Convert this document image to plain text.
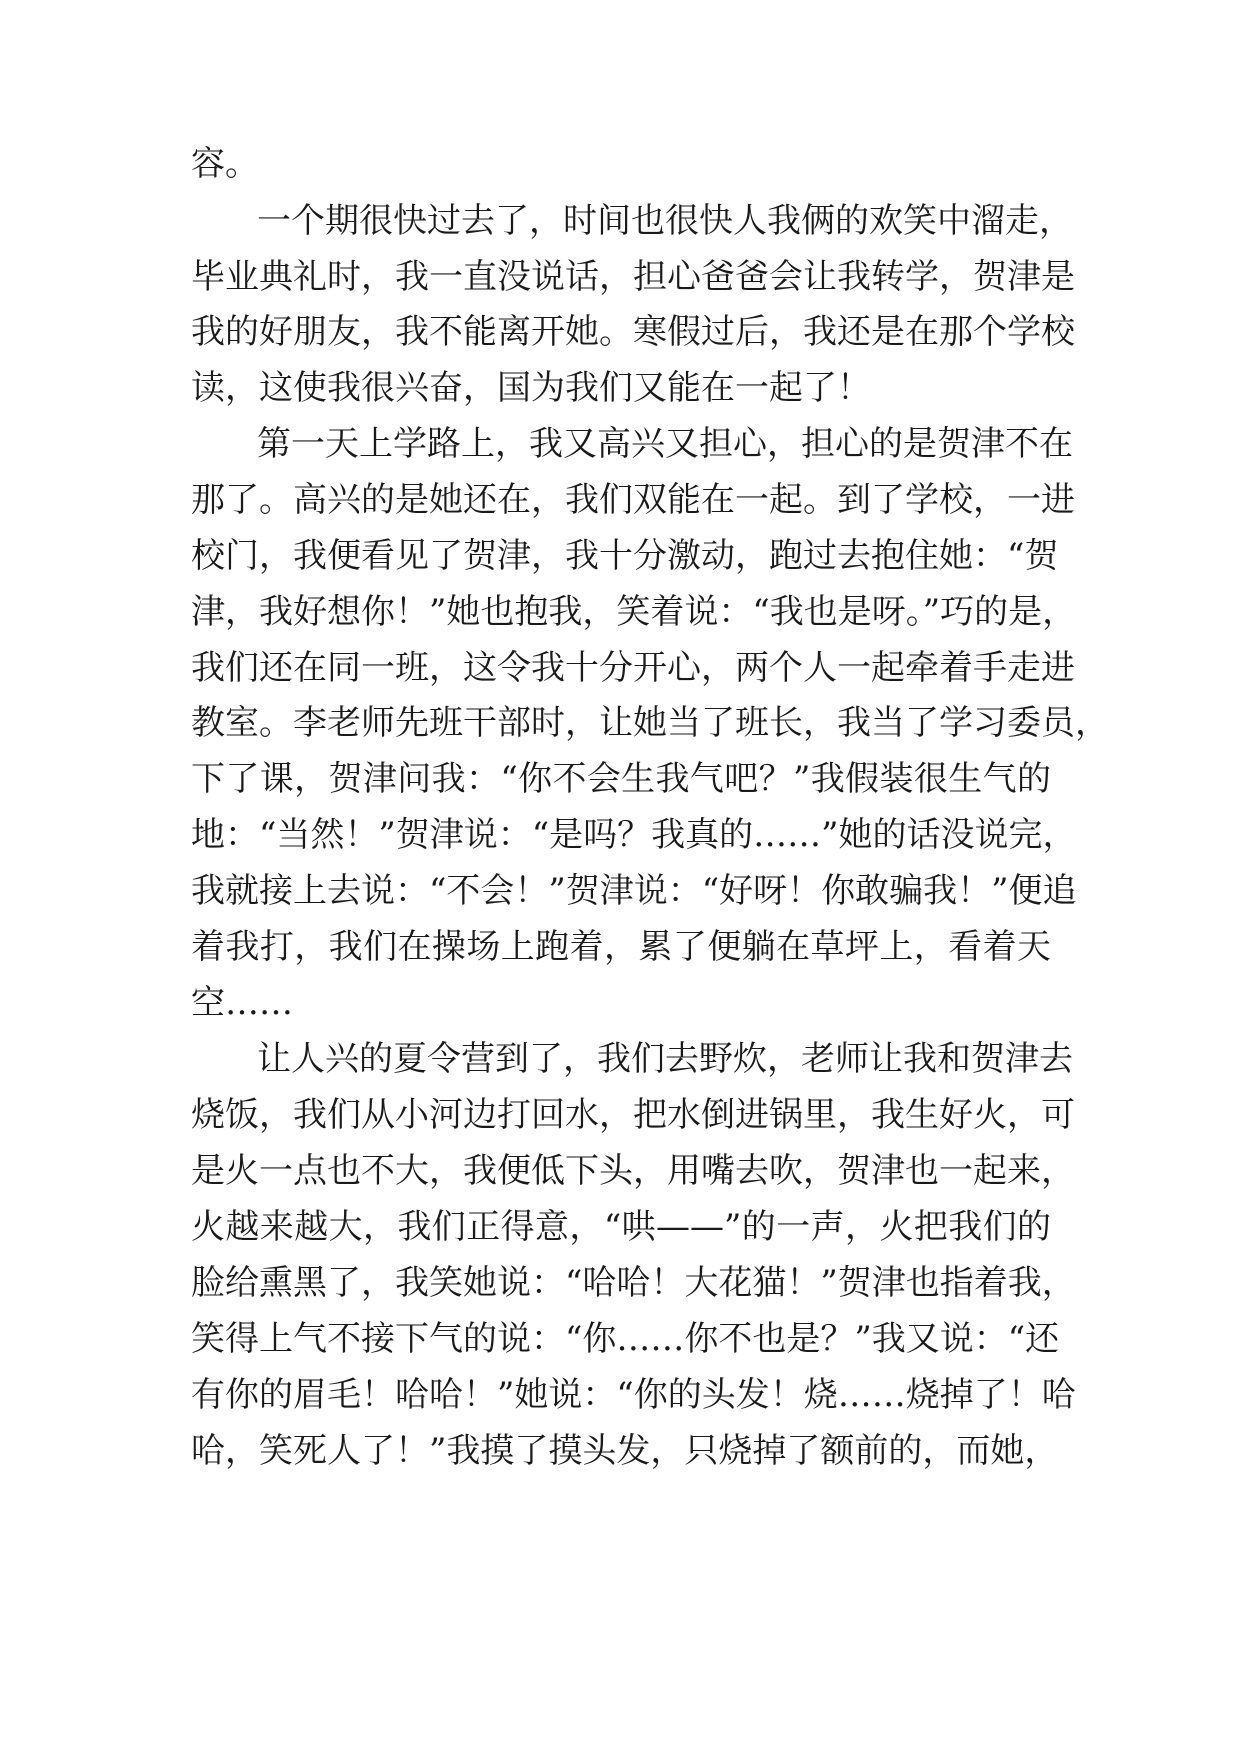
容。
一个期很快过去了，时间也很快人我俩的欢笑中溜走，
毕业典礼时，我一直没说话，担心爸爸会让我转学，贺津是
我的好朋友，我不能离开她。寒假过后，我还是在那个学校
读，这使我很兴奋，国为我们又能在一起了！
第一天上学路上，我又高兴又担心，担心的是贺津不在
那了。高兴的是她还在，我们双能在一起。到了学校，一进
校门，我便看见了贺津，我十分激动，跑过去抱住她：“贺
津，我好想你！”她也抱我，笑着说：“我也是呀。”巧的是，
我们还在同一班，这令我十分开心，两个人一起牵着手走进
教室。李老师先班干部时，让她当了班长，我当了学习委员，
下了课，贺津问我：“你不会生我气吧？”我假装很生气的
地：“当然！”贺津说：“是吗？我真的……”她的话没说完，
我就接上去说：“不会！”贺津说：“好呀！你敢骗我！”便追
着我打，我们在操场上跑着，累了便躺在草坪上，看着天
空……
让人兴的夏令营到了，我们去野炊，老师让我和贺津去
烧饭，我们从小河边打回水，把水倒进锅里，我生好火，可
是火一点也不大，我便低下头，用嘴去吹，贺津也一起来，
火越来越大，我们正得意，“哄——”的一声，火把我们的
脸给熏黑了，我笑她说：“哈哈！大花猫！”贺津也指着我，
笑得上气不接下气的说：“你……你不也是？”我又说：“还
有你的眉毛！哈哈！”她说：“你的头发！烧……烧掉了！哈
哈，笑死人了！”我摸了摸头发，只烧掉了额前的，而她，
